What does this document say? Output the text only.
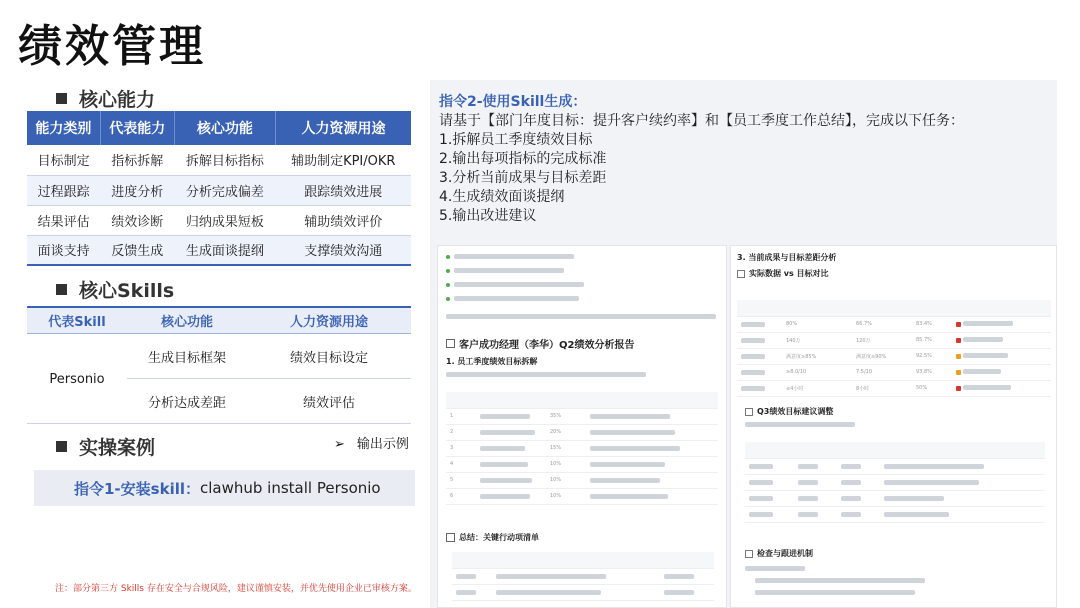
绩效管理
核心能力
能力类别	代表能力	核心功能	人力资源用途
目标制定	指标拆解	拆解目标指标	辅助制定KPI/OKR
过程跟踪	进度分析	分析完成偏差	跟踪绩效进展
结果评估	绩效诊断	归纳成果短板	辅助绩效评价
面谈支持	反馈生成	生成面谈提纲	支撑绩效沟通
核心Skills
代表Skill	核心功能	人力资源用途
Personio
生成目标框架	绩效目标设定
分析达成差距	绩效评估
实操案例	➢ 输出示例
指令1-安装skill： clawhub install Personio
注：部分第三方 Skills 存在安全与合规风险，建议谨慎安装，并优先使用企业已审核方案。
指令2-使用Skill生成：
请基于【部门年度目标：提升客户续约率】和【员工季度工作总结】，完成以下任务：
1.拆解员工季度绩效目标
2.输出每项指标的完成标准
3.分析当前成果与目标差距
4.生成绩效面谈提纲
5.输出改进建议
客户成功经理（李华）Q2绩效分析报告
1. 员工季度绩效目标拆解

1		35%	

2		20%	

3		15%	

4		10%	

5		10%	

6		10%	
总结：关键行动项清单

3. 当前成果与目标差距分析
实际数据 vs 目标对比

	80%	66.7%	83.4%	

	140万	120万	85.7%	

	满意度≥85%	满意度≥90%	92.5%	

	≥8.0/10	7.5/10	93.8%	

	≤4小时	8小时	50%	
Q3绩效目标建议调整

检查与跟进机制
